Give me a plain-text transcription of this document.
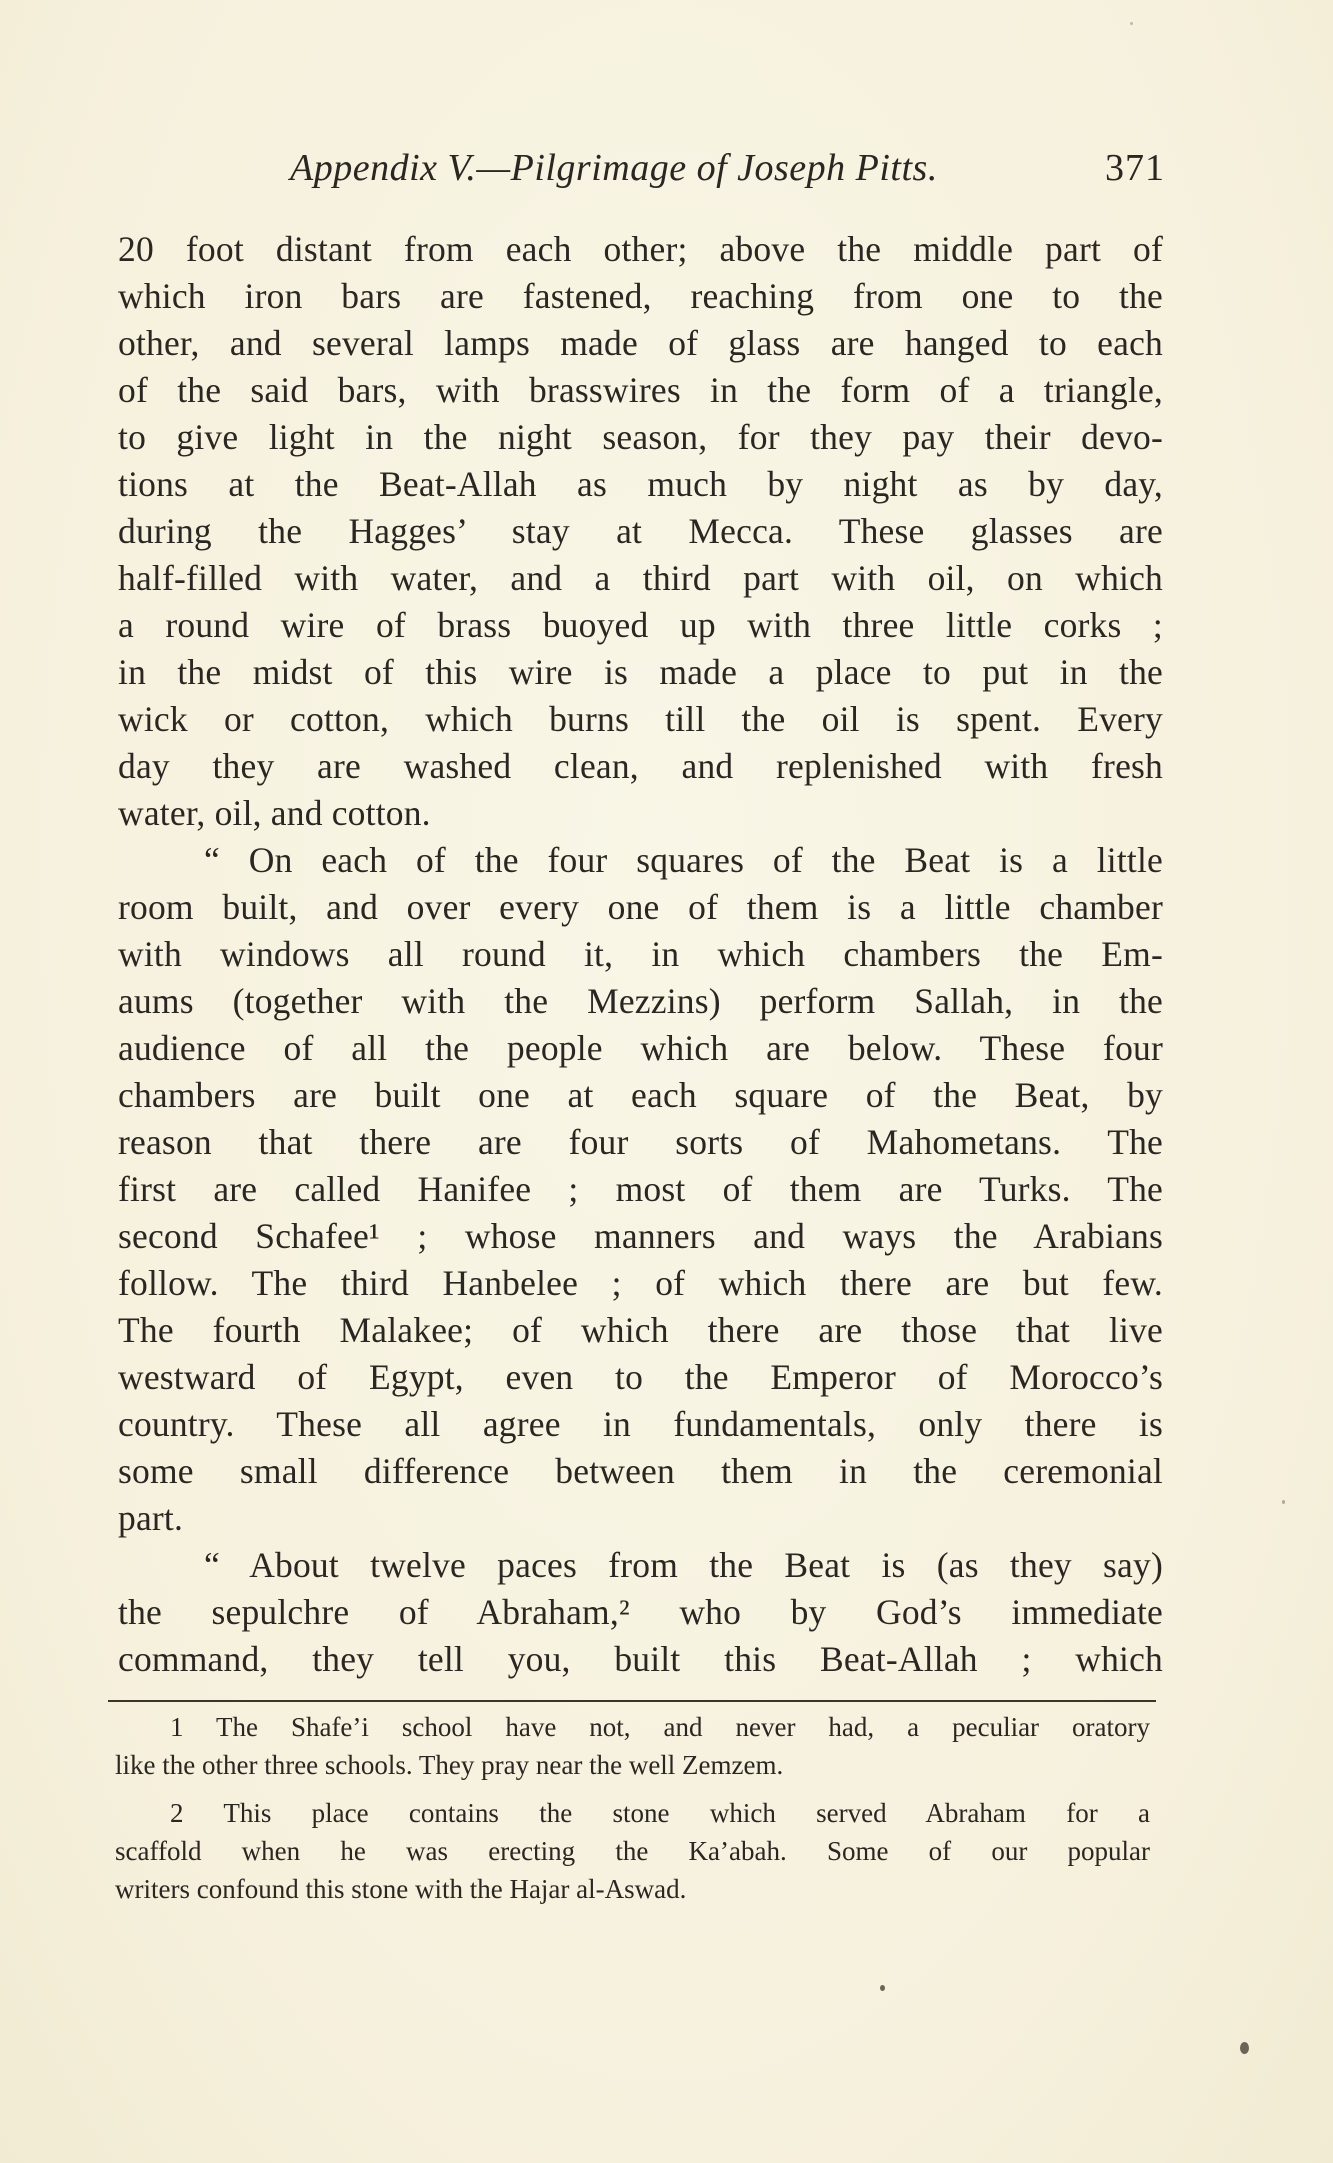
Appendix V.—Pilgrimage of Joseph Pitts.	371
20 foot distant from each other; above the middle part of
which iron bars are fastened, reaching from one to the
other, and several lamps made of glass are hanged to each
of the said bars, with brasswires in the form of a triangle,
to give light in the night season, for they pay their devo-
tions at the Beat-Allah as much by night as by day,
during the Hagges’ stay at Mecca. These glasses are
half-filled with water, and a third part with oil, on which
a round wire of brass buoyed up with three little corks ;
in the midst of this wire is made a place to put in the
wick or cotton, which burns till the oil is spent. Every
day they are washed clean, and replenished with fresh
water, oil, and cotton.
“ On each of the four squares of the Beat is a little
room built, and over every one of them is a little chamber
with windows all round it, in which chambers the Em-
aums (together with the Mezzins) perform Sallah, in the
audience of all the people which are below. These four
chambers are built one at each square of the Beat, by
reason that there are four sorts of Mahometans. The
first are called Hanifee ; most of them are Turks. The
second Schafee¹ ; whose manners and ways the Arabians
follow. The third Hanbelee ; of which there are but few.
The fourth Malakee; of which there are those that live
westward of Egypt, even to the Emperor of Morocco’s
country. These all agree in fundamentals, only there is
some small difference between them in the ceremonial
part.
“ About twelve paces from the Beat is (as they say)
the sepulchre of Abraham,² who by God’s immediate
command, they tell you, built this Beat-Allah ; which
1 The Shafe’i school have not, and never had, a peculiar oratory
like the other three schools. They pray near the well Zemzem.
2 This place contains the stone which served Abraham for a
scaffold when he was erecting the Ka’abah. Some of our popular
writers confound this stone with the Hajar al-Aswad.
